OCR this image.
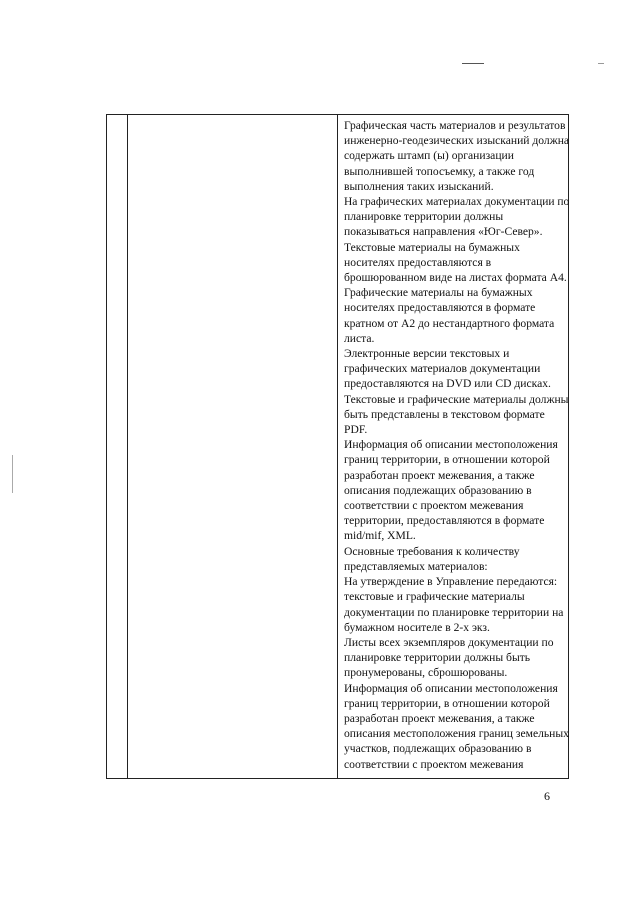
Графическая часть материалов и результатов

инженерно-геодезических изысканий должна

содержать штамп (ы) организации

выполнившей топосъемку, а также год

выполнения таких изысканий.

На графических материалах документации по

планировке территории должны

показываться направления «Юг-Север».

Текстовые материалы на бумажных

носителях предоставляются в

брошюрованном виде на листах формата А4.

Графические материалы на бумажных

носителях предоставляются в формате

кратном от А2 до нестандартного формата

листа.

Электронные версии текстовых и

графических материалов документации

предоставляются на DVD или CD дисках.

Текстовые и графические материалы должны

быть представлены в текстовом формате

PDF.

Информация об описании местоположения

границ территории, в отношении которой

разработан проект межевания, а также

описания подлежащих образованию в

соответствии с проектом межевания

территории, предоставляются в формате

mid/mif, XML.

Основные требования к количеству

представляемых материалов:

На утверждение в Управление передаются:

текстовые и графические материалы

документации по планировке территории на

бумажном носителе в 2-х экз.

Листы всех экземпляров документации по

планировке территории должны быть

пронумерованы, сброшюрованы.

Информация об описании местоположения

границ территории, в отношении которой

разработан проект межевания, а также

описания местоположения границ земельных

участков, подлежащих образованию в

соответствии с проектом межевания

6
